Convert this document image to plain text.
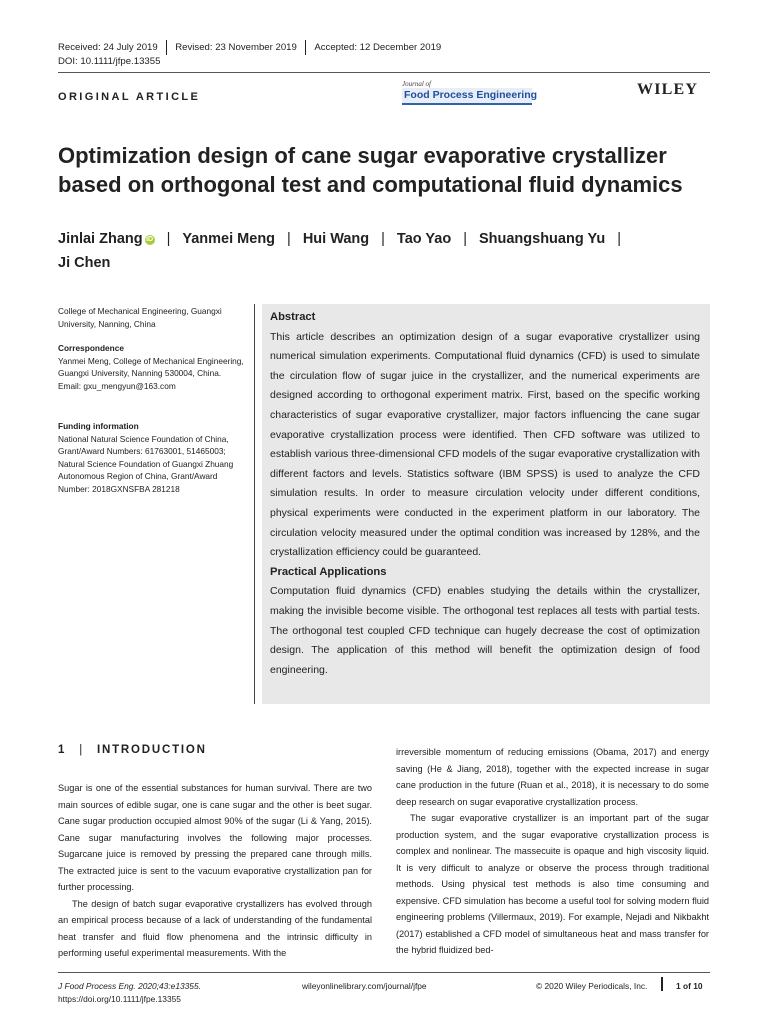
Received: 24 July 2019 Revised: 23 November 2019 Accepted: 12 December 2019
DOI: 10.1111/jfpe.13355
ORIGINAL ARTICLE
Journal of
Food Process Engineering	WILEY
Optimization design of cane sugar evaporative crystallizer based on orthogonal test and computational fluid dynamics
Jinlai Zhang iD | Yanmei Meng | Hui Wang | Tao Yao | Shuangshuang Yu |
Ji Chen
College of Mechanical Engineering, Guangxi University, Nanning, China
Correspondence
Yanmei Meng, College of Mechanical Engineering, Guangxi University, Nanning 530004, China.
Email: gxu_mengyun@163.com
Funding information
National Natural Science Foundation of China, Grant/Award Numbers: 61763001, 51465003; Natural Science Foundation of Guangxi Zhuang Autonomous Region of China, Grant/Award Number: 2018GXNSFBA 281218
Abstract
This article describes an optimization design of a sugar evaporative crystallizer using numerical simulation experiments. Computational fluid dynamics (CFD) is used to simulate the circulation flow of sugar juice in the crystallizer, and the numerical experiments are designed according to orthogonal experiment matrix. First, based on the specific working characteristics of sugar evaporative crystallizer, major factors influencing the cane sugar evaporative crystallization process were identified. Then CFD software was utilized to establish various three-dimensional CFD models of the sugar evaporative crystallization with different factors and levels. Statistics software (IBM SPSS) is used to analyze the CFD simulation results. In order to measure circulation velocity under different conditions, physical experiments were conducted in the experiment platform in our laboratory. The circulation velocity measured under the optimal condition was increased by 128%, and the crystallization efficiency could be guaranteed.
Practical Applications
Computation fluid dynamics (CFD) enables studying the details within the crystallizer, making the invisible become visible. The orthogonal test replaces all tests with partial tests. The orthogonal test coupled CFD technique can hugely decrease the cost of optimization design. The application of this method will benefit the optimization design of food engineering.
1 | INTRODUCTION

Sugar is one of the essential substances for human survival. There are two main sources of edible sugar, one is cane sugar and the other is beet sugar. Cane sugar production occupied almost 90% of the sugar (Li & Yang, 2015). Cane sugar manufacturing involves the following major processes. Sugarcane juice is removed by pressing the prepared cane through mills. The extracted juice is sent to the vacuum evaporative crystallization pan for further processing.

The design of batch sugar evaporative crystallizers has evolved through an empirical process because of a lack of understanding of the fundamental heat transfer and fluid flow phenomena and the intrinsic difficulty in performing useful experimental measurements. With the

irreversible momentum of reducing emissions (Obama, 2017) and energy saving (He & Jiang, 2018), together with the expected increase in sugar cane production in the future (Ruan et al., 2018), it is necessary to do some deep research on sugar evaporative crystallization process.

The sugar evaporative crystallizer is an important part of the sugar production system, and the sugar evaporative crystallization process is complex and nonlinear. The massecuite is opaque and high viscosity liquid. It is very difficult to analyze or observe the process through traditional methods. Using physical test methods is also time consuming and expensive. CFD simulation has become a useful tool for solving modern fluid engineering problems (Villermaux, 2019). For example, Nejadi and Nikbakht (2017) established a CFD model of simultaneous heat and mass transfer for the hybrid fluidized bed-

J Food Process Eng. 2020;43:e13355.
https://doi.org/10.1111/jfpe.13355
wileyonlinelibrary.com/journal/jfpe	© 2020 Wiley Periodicals, Inc.	1 of 10
